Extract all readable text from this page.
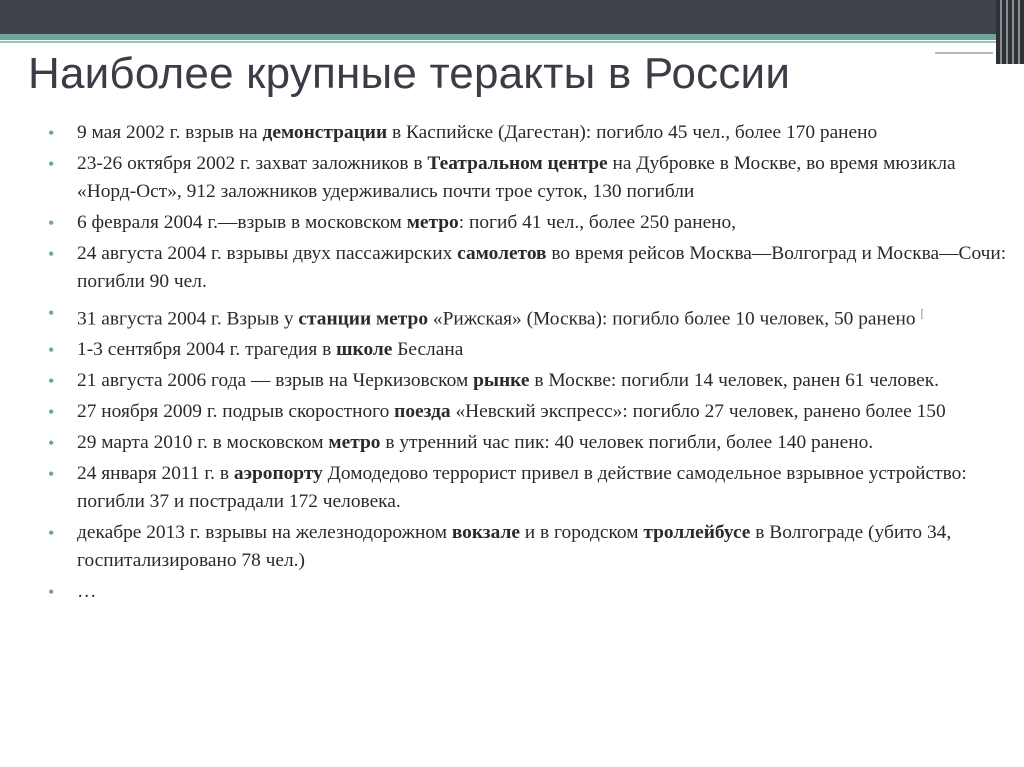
Наиболее крупные теракты в России
• 9 мая 2002 г. взрыв на демонстрации в Каспийске (Дагестан): погибло 45 чел., более 170 ранено
• 23-26 октября 2002 г. захват заложников в Театральном центре на Дубровке в Москве, во время мюзикла «Норд-Ост», 912 заложников удерживались почти трое суток, 130 погибли
• 6 февраля 2004 г.—взрыв в московском метро: погиб 41 чел., более 250 ранено,
• 24 августа 2004 г. взрывы двух пассажирских самолетов во время рейсов Москва—Волгоград и Москва—Сочи: погибли 90 чел.
• 31 августа 2004 г. Взрыв у станции метро «Рижская» (Москва): погибло более 10 человек, 50 ранено [
• 1-3 сентября 2004 г. трагедия в школе Беслана
• 21 августа 2006 года — взрыв на Черкизовском рынке в Москве: погибли 14 человек, ранен 61 человек.
• 27 ноября 2009 г. подрыв скоростного поезда «Невский экспресс»: погибло 27 человек, ранено более 150
• 29 марта 2010 г. в московском метро в утренний час пик: 40 человек погибли, более 140 ранено.
• 24 января 2011 г. в аэропорту Домодедово террорист привел в действие самодельное взрывное устройство: погибли 37 и пострадали 172 человека.
• декабре 2013 г. взрывы на железнодорожном вокзале и в городском троллейбусе в Волгограде (убито 34, госпитализировано 78 чел.)
• …
